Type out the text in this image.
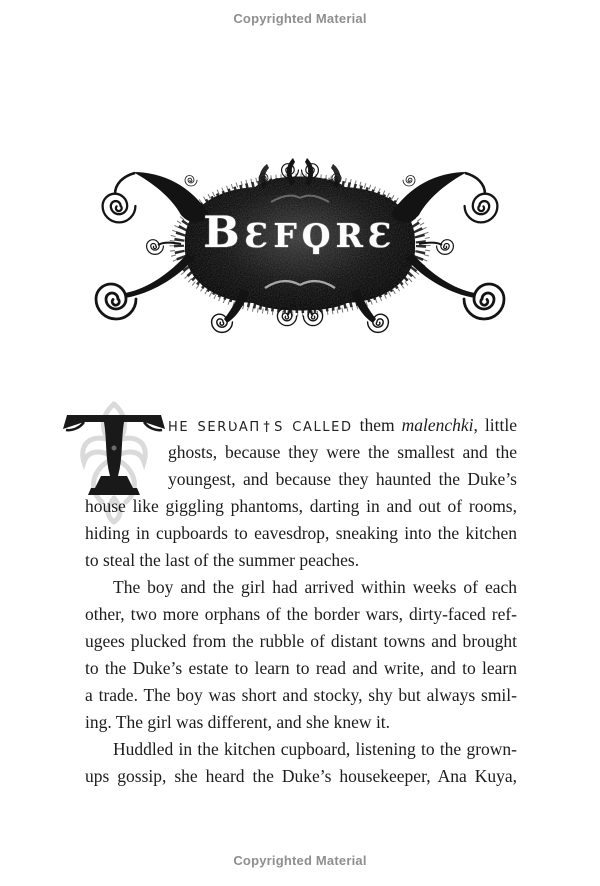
Copyrighted Material
BƐFϘRƐ
HE SERƲAΠ†S CALLED them malenchki, little
ghosts, because they were the smallest and the
youngest, and because they haunted the Duke’s
house like giggling phantoms, darting in and out of rooms,
hiding in cupboards to eavesdrop, sneaking into the kitchen
to steal the last of the summer peaches.
The boy and the girl had arrived within weeks of each
other, two more orphans of the border wars, dirty-faced ref-
ugees plucked from the rubble of distant towns and brought
to the Duke’s estate to learn to read and write, and to learn
a trade. The boy was short and stocky, shy but always smil-
ing. The girl was different, and she knew it.
Huddled in the kitchen cupboard, listening to the grown-
ups gossip, she heard the Duke’s housekeeper, Ana Kuya,
Copyrighted Material
